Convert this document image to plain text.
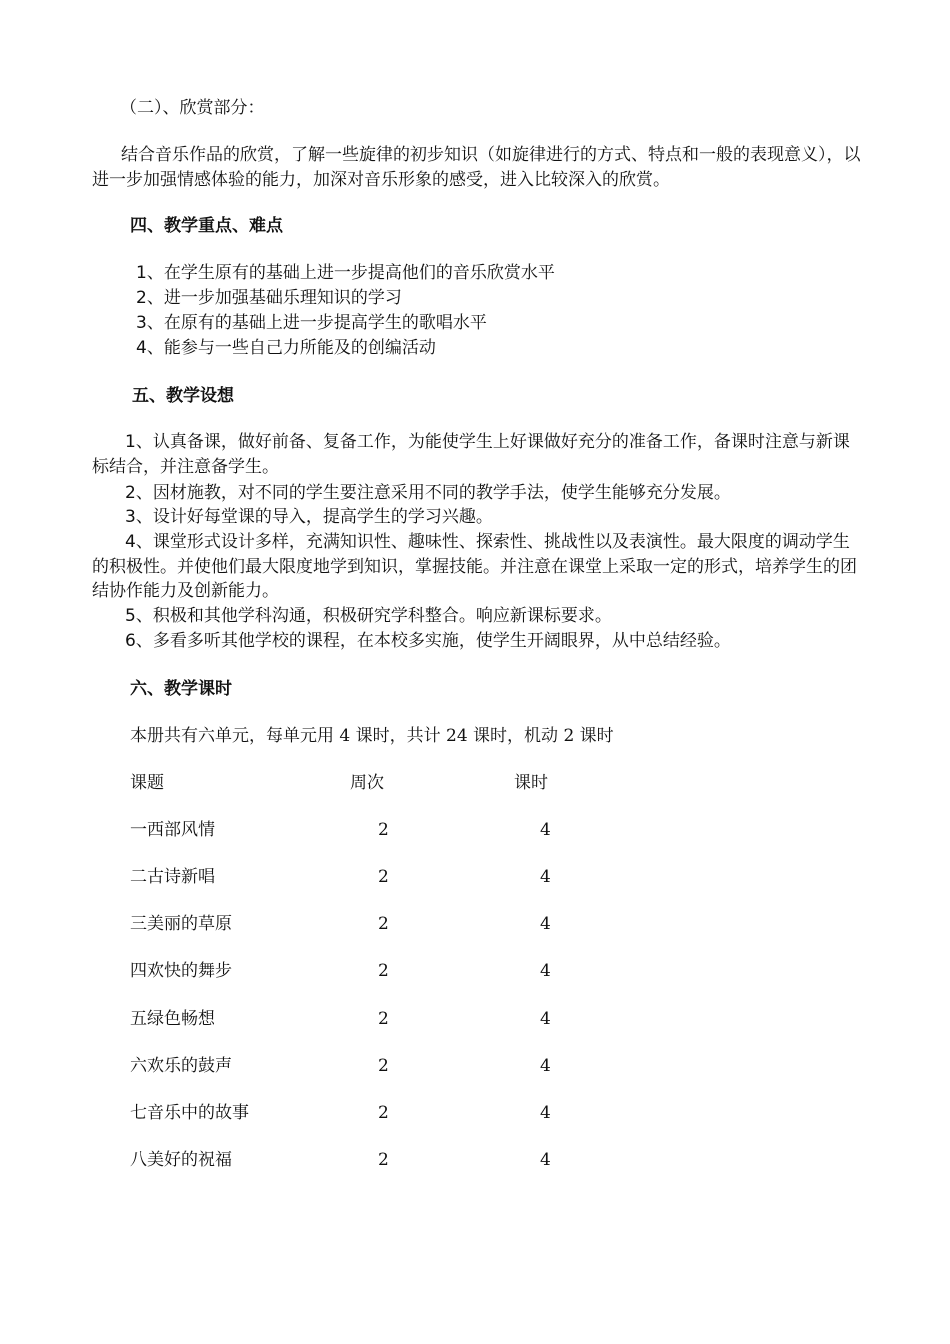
（二）、欣赏部分：
结合音乐作品的欣赏，了解一些旋律的初步知识（如旋律进行的方式、特点和一般的表现意义），以进一步加强情感体验的能力，加深对音乐形象的感受，进入比较深入的欣赏。
四、教学重点、难点
1、在学生原有的基础上进一步提高他们的音乐欣赏水平
2、进一步加强基础乐理知识的学习
3、在原有的基础上进一步提高学生的歌唱水平
4、能参与一些自己力所能及的创编活动
五、教学设想
1、认真备课，做好前备、复备工作，为能使学生上好课做好充分的准备工作，备课时注意与新课标结合，并注意备学生。
2、因材施教，对不同的学生要注意采用不同的教学手法，使学生能够充分发展。
3、设计好每堂课的导入，提高学生的学习兴趣。
4、课堂形式设计多样，充满知识性、趣味性、探索性、挑战性以及表演性。最大限度的调动学生的积极性。并使他们最大限度地学到知识，掌握技能。并注意在课堂上采取一定的形式，培养学生的团结协作能力及创新能力。
5、积极和其他学科沟通，积极研究学科整合。响应新课标要求。
6、多看多听其他学校的课程，在本校多实施，使学生开阔眼界，从中总结经验。
六、教学课时
本册共有六单元，每单元用 4 课时，共计 24 课时，机动 2 课时
课题	周次	课时
一西部风情	2	4
二古诗新唱	2	4
三美丽的草原	2	4
四欢快的舞步	2	4
五绿色畅想	2	4
六欢乐的鼓声	2	4
七音乐中的故事	2	4
八美好的祝福	2	4
